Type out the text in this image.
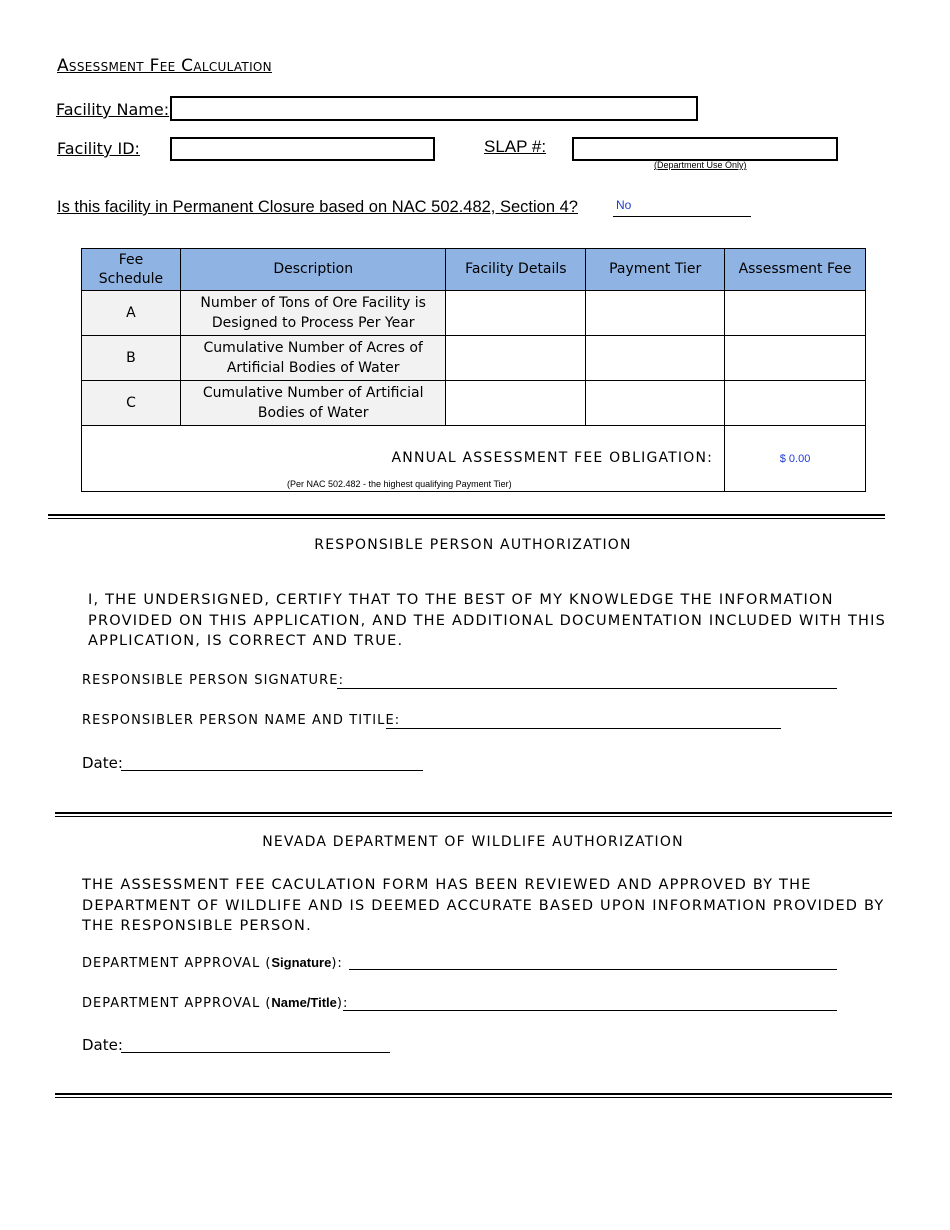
Assessment Fee Calculation
Facility Name:
Facility ID:	SLAP #:
(Department Use Only)
Is this facility in Permanent Closure based on NAC 502.482, Section 4?	No
Fee Schedule	Description	Facility Details	Payment Tier	Assessment Fee
A	Number of Tons of Ore Facility is Designed to Process Per Year			
B	Cumulative Number of Acres of Artificial Bodies of Water			
C	Cumulative Number of Artificial Bodies of Water			

ANNUAL ASSESSMENT FEE OBLIGATION:
(Per NAC 502.482 - the highest qualifying Payment Tier)				$ 0.00
RESPONSIBLE PERSON AUTHORIZATION
I, THE UNDERSIGNED, CERTIFY THAT TO THE BEST OF MY KNOWLEDGE THE INFORMATION PROVIDED ON THIS APPLICATION, AND THE ADDITIONAL DOCUMENTATION INCLUDED WITH THIS APPLICATION, IS CORRECT AND TRUE.
RESPONSIBLE PERSON SIGNATURE:
RESPONSIBLER PERSON NAME AND TITILE:
Date:
NEVADA DEPARTMENT OF WILDLIFE AUTHORIZATION
THE ASSESSMENT FEE CACULATION FORM HAS BEEN REVIEWED AND APPROVED BY THE DEPARTMENT OF WILDLIFE AND IS DEEMED ACCURATE BASED UPON INFORMATION PROVIDED BY THE RESPONSIBLE PERSON.
DEPARTMENT APPROVAL (Signature):
DEPARTMENT APPROVAL (Name/Title):
Date:
